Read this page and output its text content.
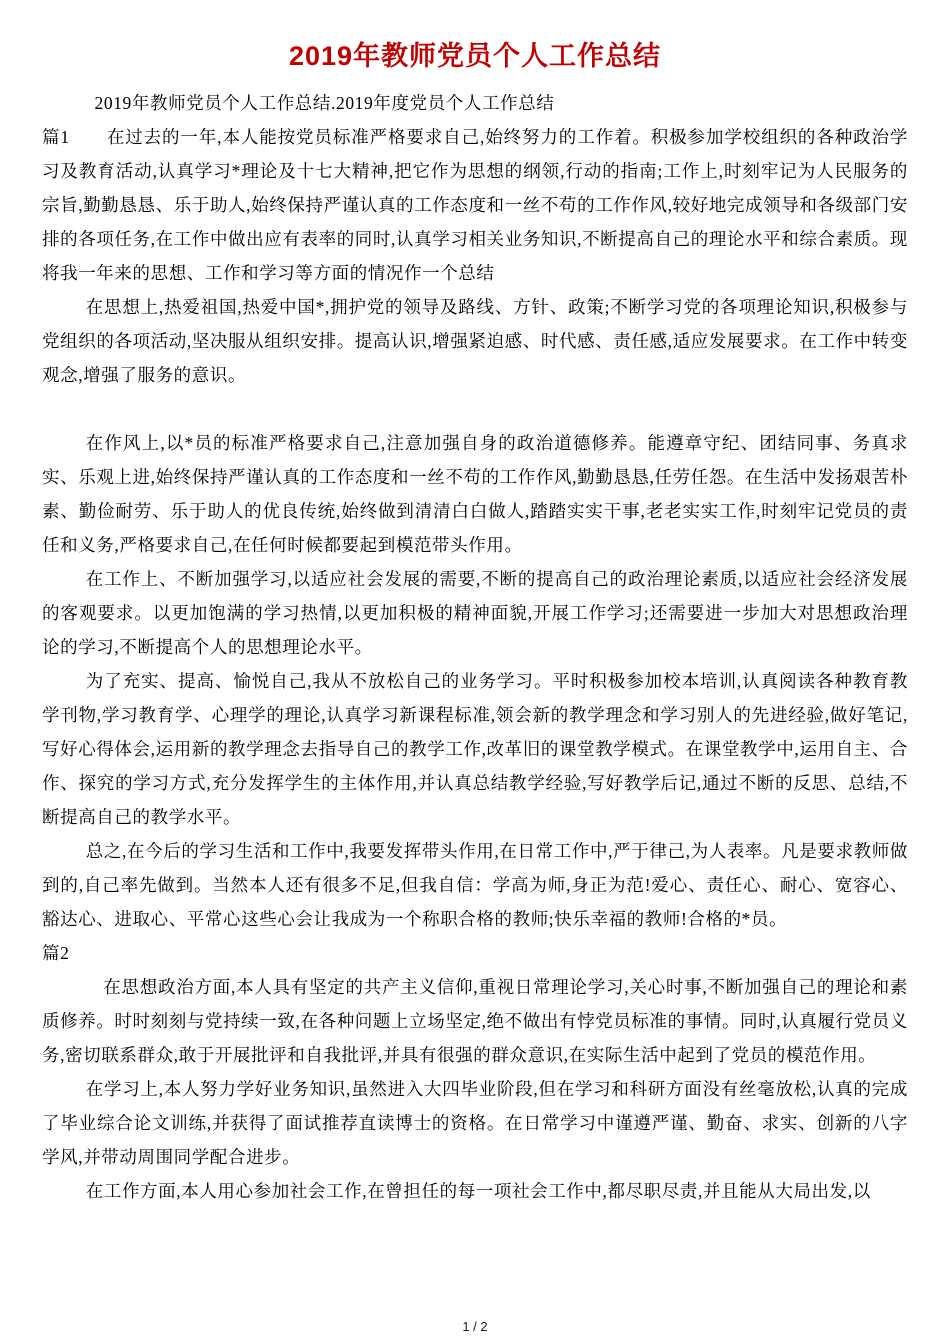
2019年教师党员个人工作总结

2019年教师党员个人工作总结.2019年度党员个人工作总结

篇1　　在过去的一年,本人能按党员标准严格要求自己,始终努力的工作着。积极参加学校组织的各种政治学习及教育活动,认真学习*理论及十七大精神,把它作为思想的纲领,行动的指南;工作上,时刻牢记为人民服务的宗旨,勤勤恳恳、乐于助人,始终保持严谨认真的工作态度和一丝不苟的工作作风,较好地完成领导和各级部门安排的各项任务,在工作中做出应有表率的同时,认真学习相关业务知识,不断提高自己的理论水平和综合素质。现将我一年来的思想、工作和学习等方面的情况作一个总结

在思想上,热爱祖国,热爱中国*,拥护党的领导及路线、方针、政策;不断学习党的各项理论知识,积极参与党组织的各项活动,坚决服从组织安排。提高认识,增强紧迫感、时代感、责任感,适应发展要求。在工作中转变观念,增强了服务的意识。

在作风上,以*员的标准严格要求自己,注意加强自身的政治道德修养。能遵章守纪、团结同事、务真求实、乐观上进,始终保持严谨认真的工作态度和一丝不苟的工作作风,勤勤恳恳,任劳任怨。在生活中发扬艰苦朴素、勤俭耐劳、乐于助人的优良传统,始终做到清清白白做人,踏踏实实干事,老老实实工作,时刻牢记党员的责任和义务,严格要求自己,在任何时候都要起到模范带头作用。

在工作上、不断加强学习,以适应社会发展的需要,不断的提高自己的政治理论素质,以适应社会经济发展的客观要求。以更加饱满的学习热情,以更加积极的精神面貌,开展工作学习;还需要进一步加大对思想政治理论的学习,不断提高个人的思想理论水平。

为了充实、提高、愉悦自己,我从不放松自己的业务学习。平时积极参加校本培训,认真阅读各种教育教学刊物,学习教育学、心理学的理论,认真学习新课程标准,领会新的教学理念和学习别人的先进经验,做好笔记,写好心得体会,运用新的教学理念去指导自己的教学工作,改革旧的课堂教学模式。在课堂教学中,运用自主、合作、探究的学习方式,充分发挥学生的主体作用,并认真总结教学经验,写好教学后记,通过不断的反思、总结,不断提高自己的教学水平。

总之,在今后的学习生活和工作中,我要发挥带头作用,在日常工作中,严于律己,为人表率。凡是要求教师做到的,自己率先做到。当然本人还有很多不足,但我自信：学高为师,身正为范!爱心、责任心、耐心、宽容心、豁达心、进取心、平常心这些心会让我成为一个称职合格的教师;快乐幸福的教师!合格的*员。

篇2

在思想政治方面,本人具有坚定的共产主义信仰,重视日常理论学习,关心时事,不断加强自己的理论和素质修养。时时刻刻与党持续一致,在各种问题上立场坚定,绝不做出有悖党员标准的事情。同时,认真履行党员义务,密切联系群众,敢于开展批评和自我批评,并具有很强的群众意识,在实际生活中起到了党员的模范作用。

在学习上,本人努力学好业务知识,虽然进入大四毕业阶段,但在学习和科研方面没有丝毫放松,认真的完成了毕业综合论文训练,并获得了面试推荐直读博士的资格。在日常学习中谨遵严谨、勤奋、求实、创新的八字学风,并带动周围同学配合进步。

在工作方面,本人用心参加社会工作,在曾担任的每一项社会工作中,都尽职尽责,并且能从大局出发,以

1 / 2
